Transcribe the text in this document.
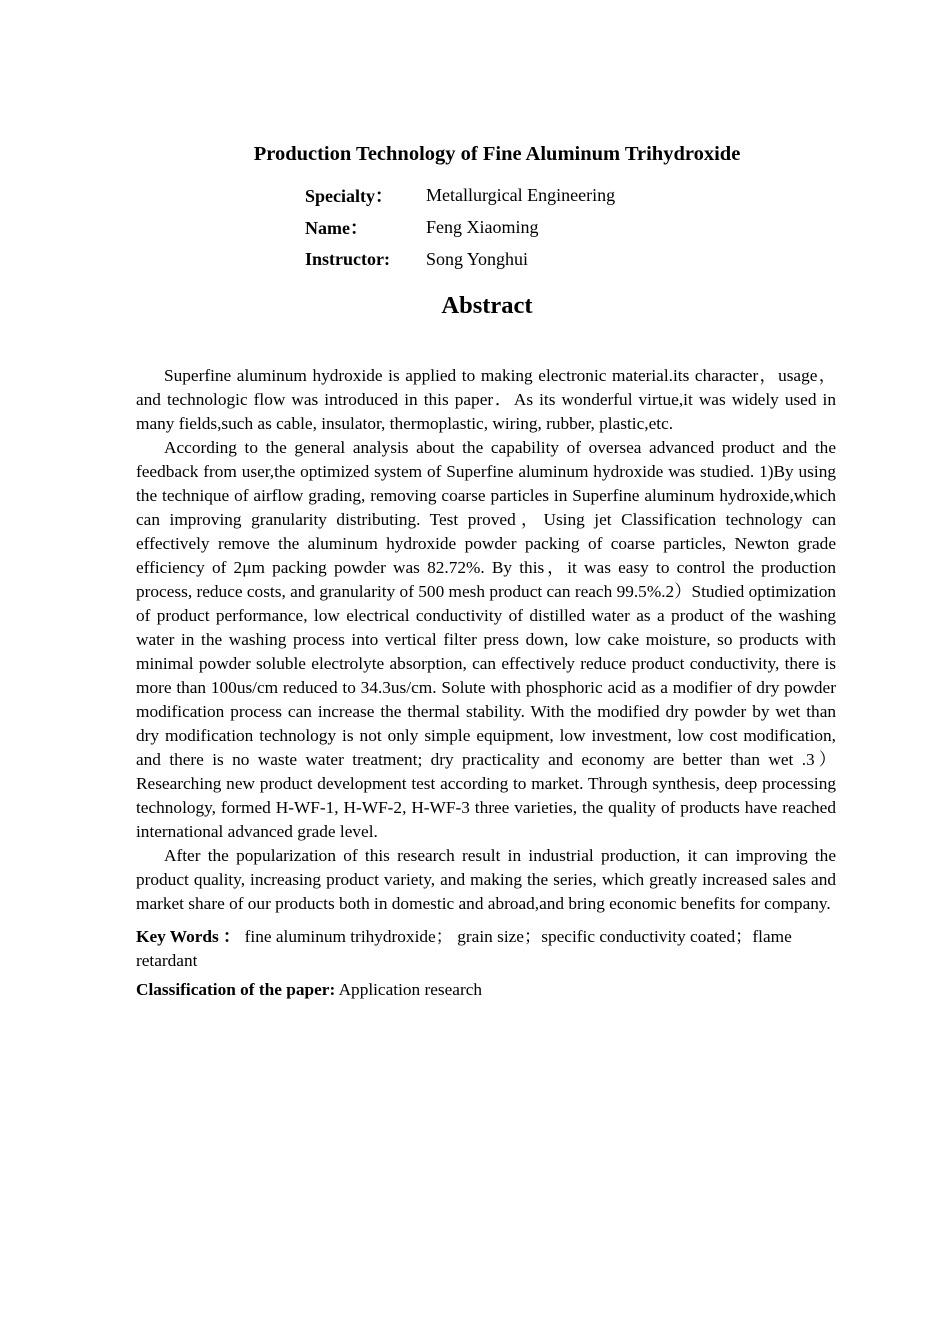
Production Technology of Fine Aluminum Trihydroxide
Specialty：	Metallurgical Engineering
Name：	Feng Xiaoming
Instructor:	Song Yonghui
Abstract

Superfine aluminum hydroxide is applied to making electronic material.its character，usage，and technologic flow was introduced in this paper．As its wonderful virtue,it was widely used in many fields,such as cable, insulator, thermoplastic, wiring, rubber, plastic,etc.

According to the general analysis about the capability of oversea advanced product and the feedback from user,the optimized system of Superfine aluminum hydroxide was studied. 1)By using the technique of airflow grading, removing coarse particles in Superfine aluminum hydroxide,which can improving granularity distributing. Test proved，Using jet Classification technology can effectively remove the aluminum hydroxide powder packing of coarse particles, Newton grade efficiency of 2μm packing powder was 82.72%. By this，it was easy to control the production process, reduce costs, and granularity of 500 mesh product can reach 99.5%.2）Studied optimization of product performance, low electrical conductivity of distilled water as a product of the washing water in the washing process into vertical filter press down, low cake moisture, so products with minimal powder soluble electrolyte absorption, can effectively reduce product conductivity, there is more than 100us/cm reduced to 34.3us/cm. Solute with phosphoric acid as a modifier of dry powder modification process can increase the thermal stability. With the modified dry powder by wet than dry modification technology is not only simple equipment, low investment, low cost modification, and there is no waste water treatment; dry practicality and economy are better than wet .3）Researching new product development test according to market. Through synthesis, deep processing technology, formed H-WF-1, H-WF-2, H-WF-3 three varieties, the quality of products have reached international advanced grade level.

After the popularization of this research result in industrial production, it can improving the product quality, increasing product variety, and making the series, which greatly increased sales and market share of our products both in domestic and abroad,and bring economic benefits for company.

Key Words ： fine aluminum trihydroxide； grain size；specific conductivity coated；flame retardant
Classification of the paper: Application research
